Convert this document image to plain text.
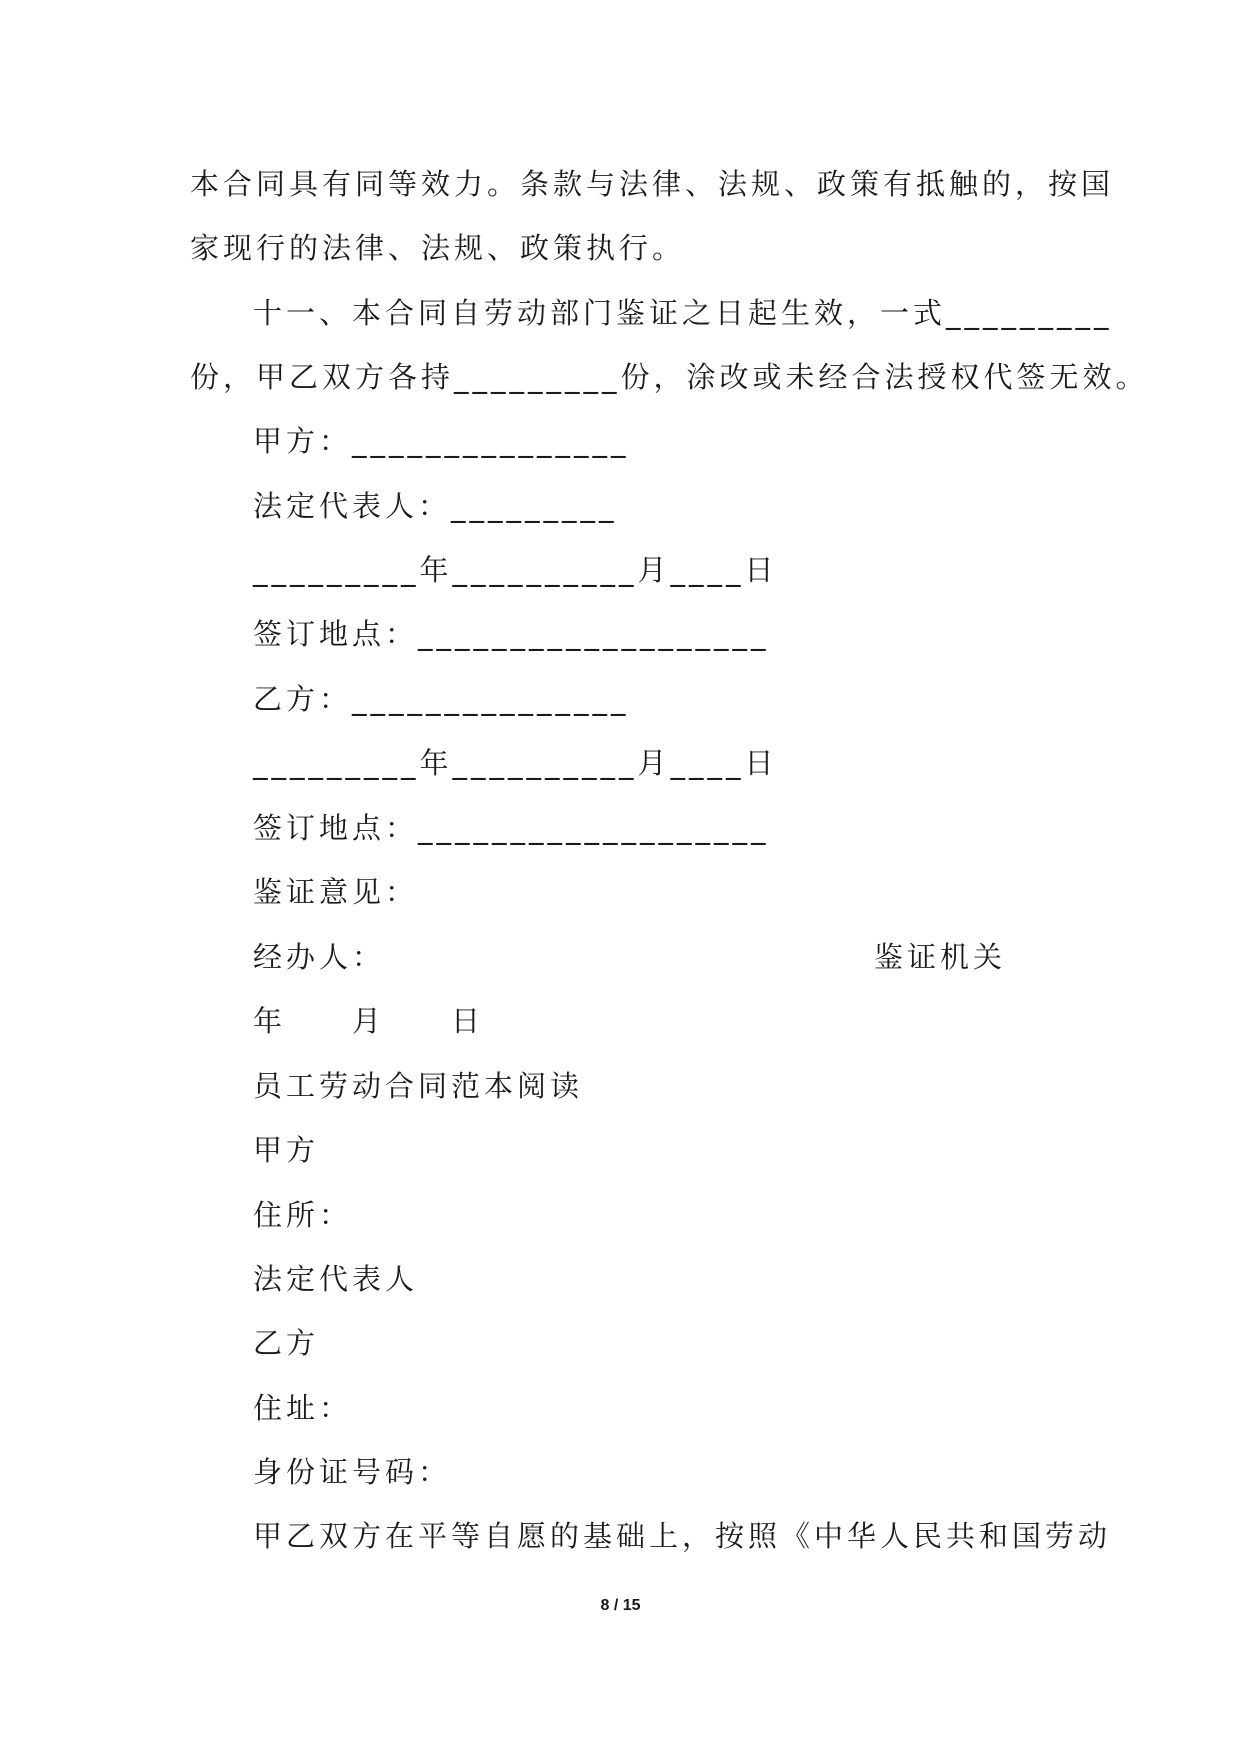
本合同具有同等效力。条款与法律、法规、政策有抵触的，按国

家现行的法律、法规、政策执行。

十一、本合同自劳动部门鉴证之日起生效，一式_________

份，甲乙双方各持_________份，涂改或未经合法授权代签无效。

甲方：_______________

法定代表人：_________

_________年__________月____日

签订地点：___________________

乙方：_______________

_________年__________月____日

签订地点：___________________

鉴证意见：

经办人：	鉴证机关

年　　月　　日

员工劳动合同范本阅读

甲方

住所：

法定代表人

乙方

住址：

身份证号码：

甲乙双方在平等自愿的基础上，按照《中华人民共和国劳动

8 / 15
